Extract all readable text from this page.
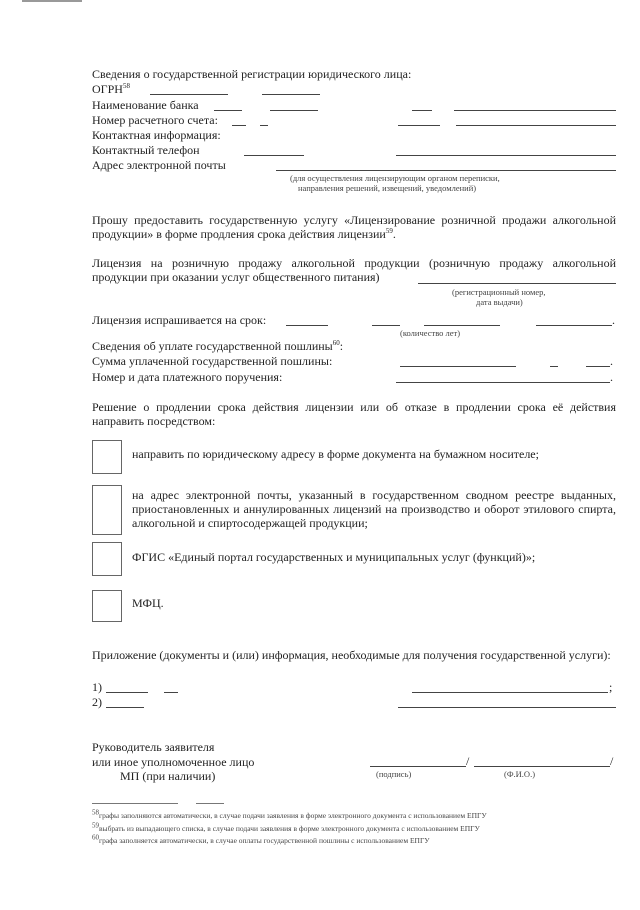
Сведения о государственной регистрации юридического лица:
ОГРН$^{58}$
Наименование банка
Номер расчетного счета:
Контактная информация:
Контактный телефон
Адрес электронной почты
(для осуществления лицензирующим органом переписки,
направления решений, извещений, уведомлений)
Прошу предоставить государственную услугу «Лицензирование розничной продажи алкогольной продукции» в форме продления срока действия лицензии$^{59}$.
Лицензия на розничную продажу алкогольной продукции (розничную продажу алкогольной продукции при оказании услуг общественного питания)
(регистрационный номер,
дата выдачи)
Лицензия испрашивается на срок:	.
(количество лет)
Сведения об уплате государственной пошлины$^{60}$:
Сумма уплаченной государственной пошлины:	.
Номер и дата платежного поручения:	.
Решение о продлении срока действия лицензии или об отказе в продлении срока её действия направить посредством:
направить по юридическому адресу в форме документа на бумажном носителе;
на адрес электронной почты, указанный в государственном сводном реестре выданных, приостановленных и аннулированных лицензий на производство и оборот этилового спирта, алкогольной и спиртосодержащей продукции;
ФГИС «Единый портал государственных и муниципальных услуг (функций)»;
МФЦ.
Приложение (документы и (или) информация, необходимые для получения государственной услуги):
1)	;
2)
Руководитель заявителя
или иное уполномоченное лицо
МП (при наличии)
/	/
(подпись)	(Ф.И.О.)
$^{58}$графы заполняются автоматически, в случае подачи заявления в форме электронного документа с использованием ЕПГУ
$^{59}$выбрать из выпадающего списка, в случае подачи заявления в форме электронного документа с использованием ЕПГУ
$^{60}$графа заполняется автоматически, в случае оплаты государственной пошлины с использованием ЕПГУ
